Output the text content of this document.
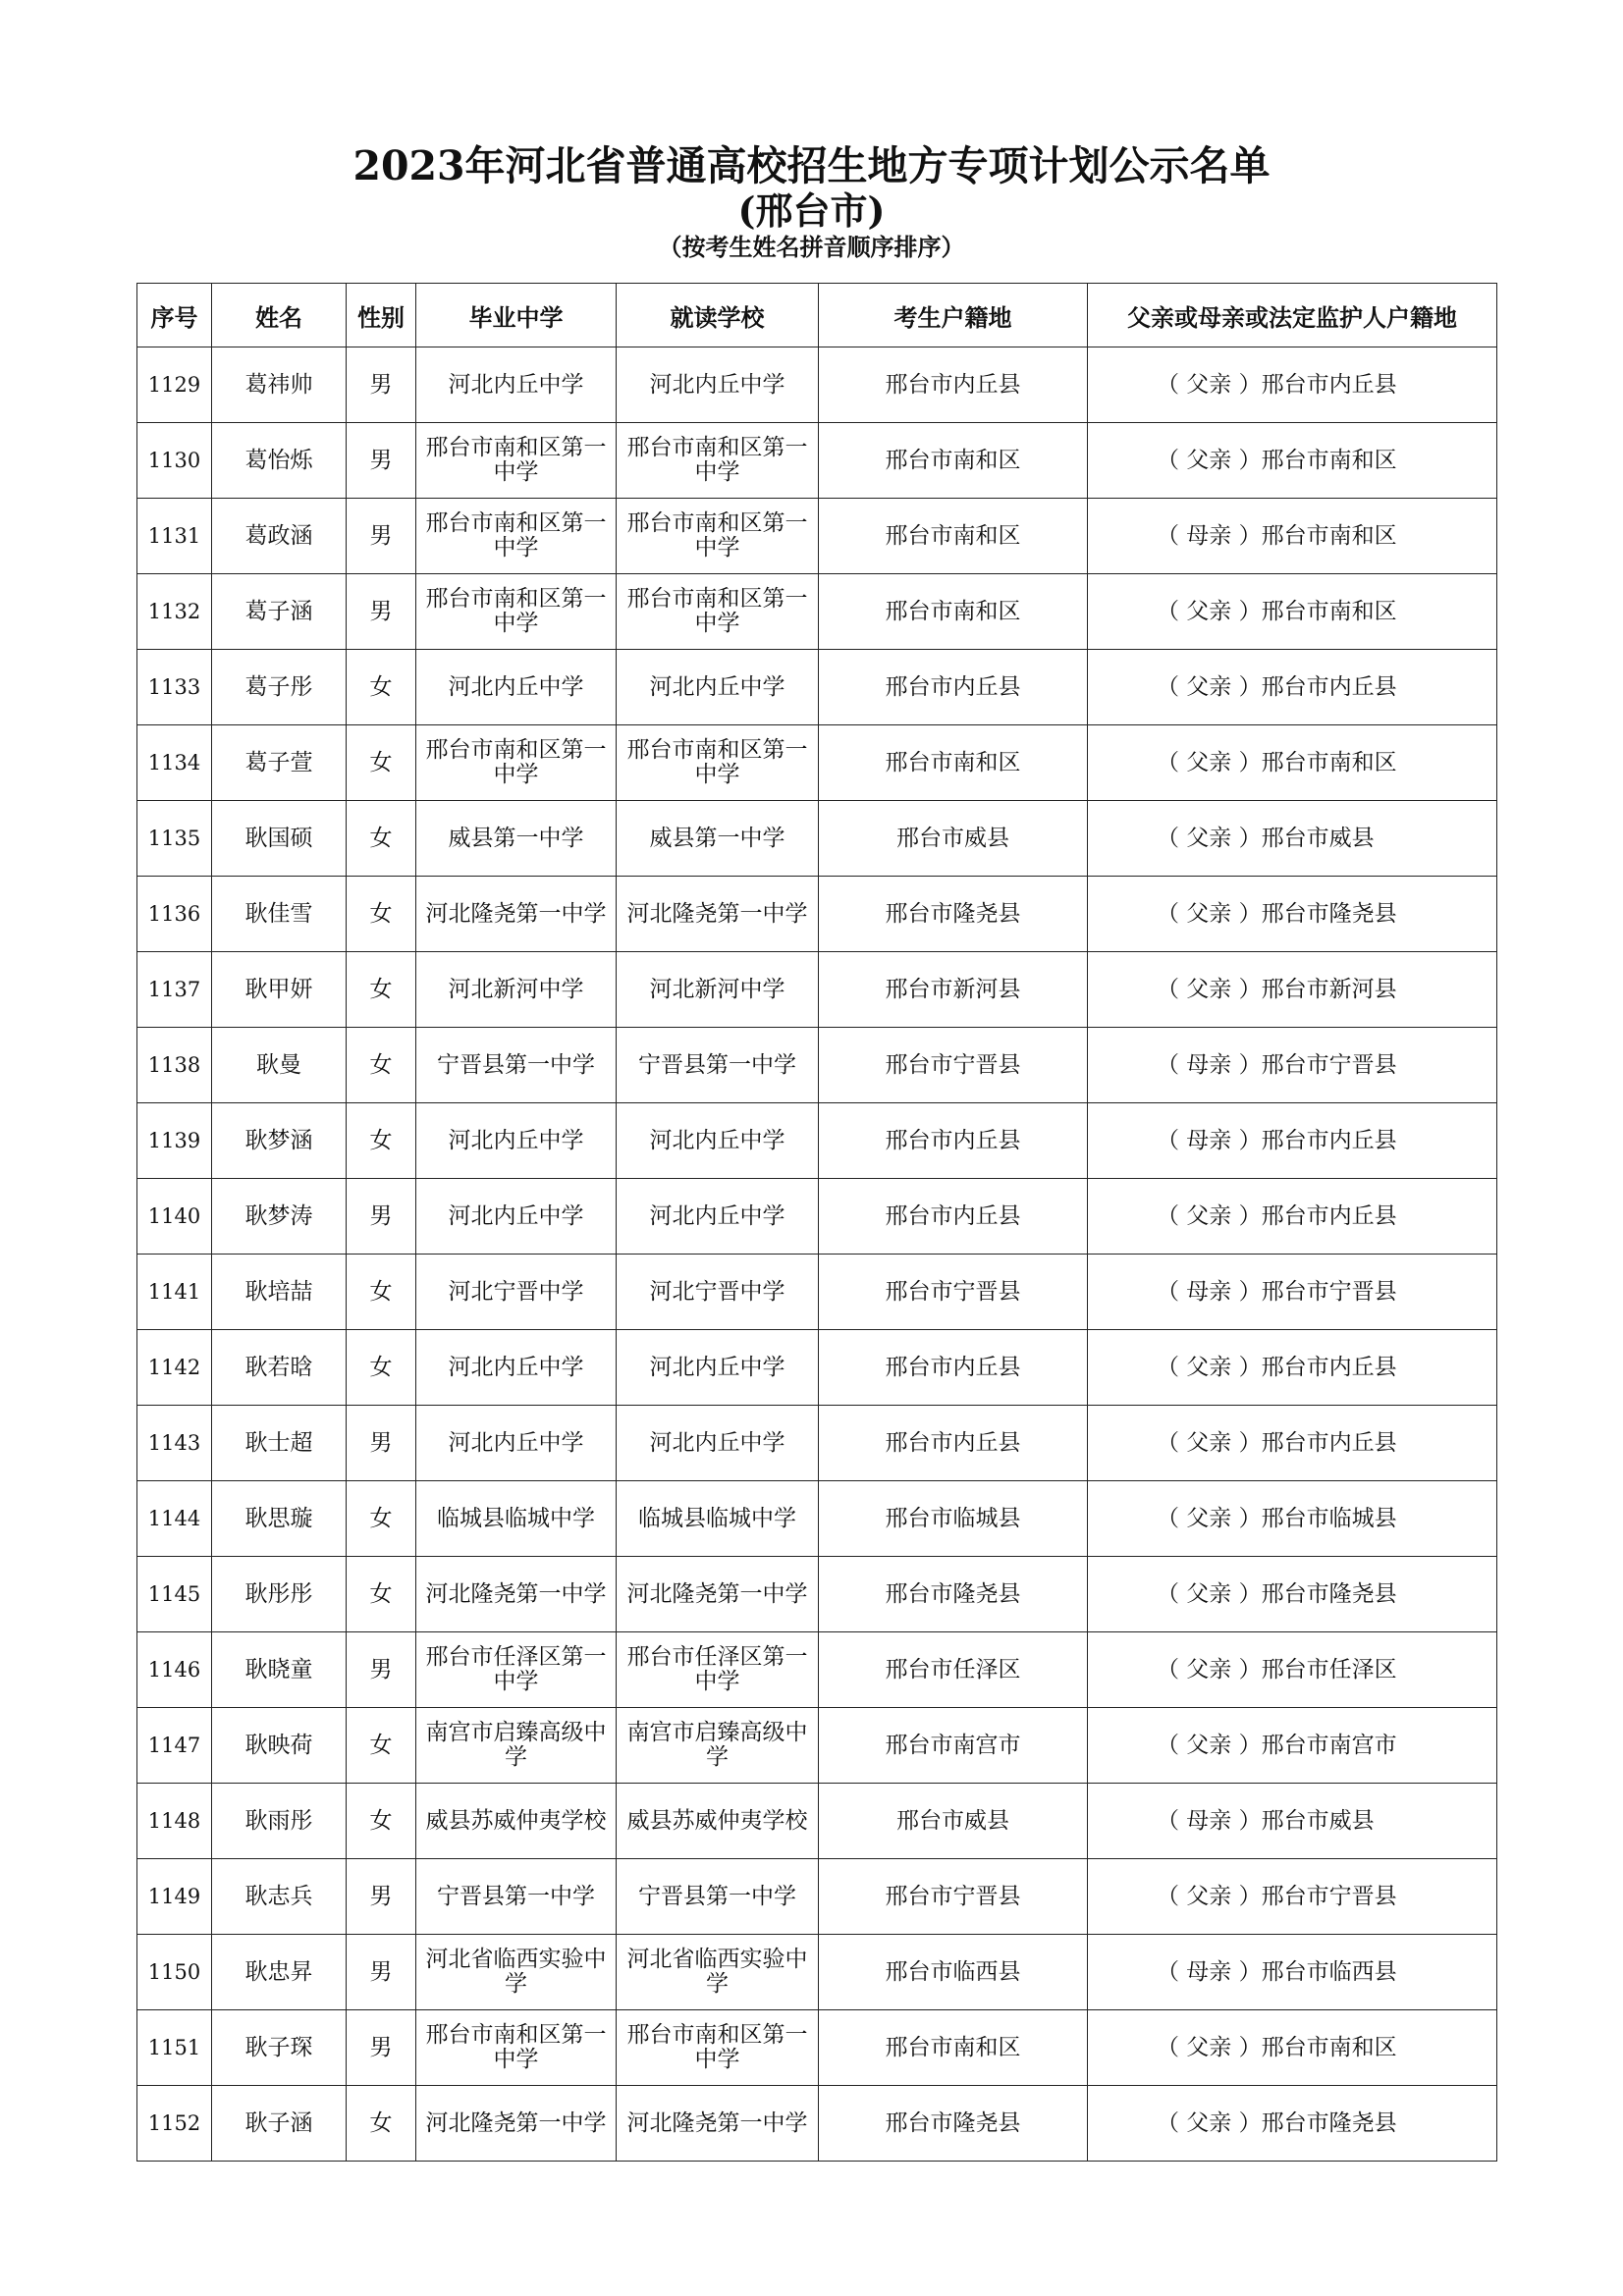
2023年河北省普通高校招生地方专项计划公示名单
(邢台市)
（按考生姓名拼音顺序排序）
序号	姓名	性别	毕业中学	就读学校	考生户籍地	父亲或母亲或法定监护人户籍地
1129	葛祎帅	男	河北内丘中学	河北内丘中学	邢台市内丘县	（ 父亲 ）邢台市内丘县
1130	葛怡烁	男	邢台市南和区第一中学	邢台市南和区第一中学	邢台市南和区	（ 父亲 ）邢台市南和区
1131	葛政涵	男	邢台市南和区第一中学	邢台市南和区第一中学	邢台市南和区	（ 母亲 ）邢台市南和区
1132	葛子涵	男	邢台市南和区第一中学	邢台市南和区第一中学	邢台市南和区	（ 父亲 ）邢台市南和区
1133	葛子彤	女	河北内丘中学	河北内丘中学	邢台市内丘县	（ 父亲 ）邢台市内丘县
1134	葛子萱	女	邢台市南和区第一中学	邢台市南和区第一中学	邢台市南和区	（ 父亲 ）邢台市南和区
1135	耿国硕	女	威县第一中学	威县第一中学	邢台市威县	（ 父亲 ）邢台市威县
1136	耿佳雪	女	河北隆尧第一中学	河北隆尧第一中学	邢台市隆尧县	（ 父亲 ）邢台市隆尧县
1137	耿甲妍	女	河北新河中学	河北新河中学	邢台市新河县	（ 父亲 ）邢台市新河县
1138	耿曼	女	宁晋县第一中学	宁晋县第一中学	邢台市宁晋县	（ 母亲 ）邢台市宁晋县
1139	耿梦涵	女	河北内丘中学	河北内丘中学	邢台市内丘县	（ 母亲 ）邢台市内丘县
1140	耿梦涛	男	河北内丘中学	河北内丘中学	邢台市内丘县	（ 父亲 ）邢台市内丘县
1141	耿培喆	女	河北宁晋中学	河北宁晋中学	邢台市宁晋县	（ 母亲 ）邢台市宁晋县
1142	耿若晗	女	河北内丘中学	河北内丘中学	邢台市内丘县	（ 父亲 ）邢台市内丘县
1143	耿士超	男	河北内丘中学	河北内丘中学	邢台市内丘县	（ 父亲 ）邢台市内丘县
1144	耿思璇	女	临城县临城中学	临城县临城中学	邢台市临城县	（ 父亲 ）邢台市临城县
1145	耿彤彤	女	河北隆尧第一中学	河北隆尧第一中学	邢台市隆尧县	（ 父亲 ）邢台市隆尧县
1146	耿晓童	男	邢台市任泽区第一中学	邢台市任泽区第一中学	邢台市任泽区	（ 父亲 ）邢台市任泽区
1147	耿映荷	女	南宫市启臻高级中学	南宫市启臻高级中学	邢台市南宫市	（ 父亲 ）邢台市南宫市
1148	耿雨彤	女	威县苏威仲夷学校	威县苏威仲夷学校	邢台市威县	（ 母亲 ）邢台市威县
1149	耿志兵	男	宁晋县第一中学	宁晋县第一中学	邢台市宁晋县	（ 父亲 ）邢台市宁晋县
1150	耿忠昇	男	河北省临西实验中学	河北省临西实验中学	邢台市临西县	（ 母亲 ）邢台市临西县
1151	耿子琛	男	邢台市南和区第一中学	邢台市南和区第一中学	邢台市南和区	（ 父亲 ）邢台市南和区
1152	耿子涵	女	河北隆尧第一中学	河北隆尧第一中学	邢台市隆尧县	（ 父亲 ）邢台市隆尧县
